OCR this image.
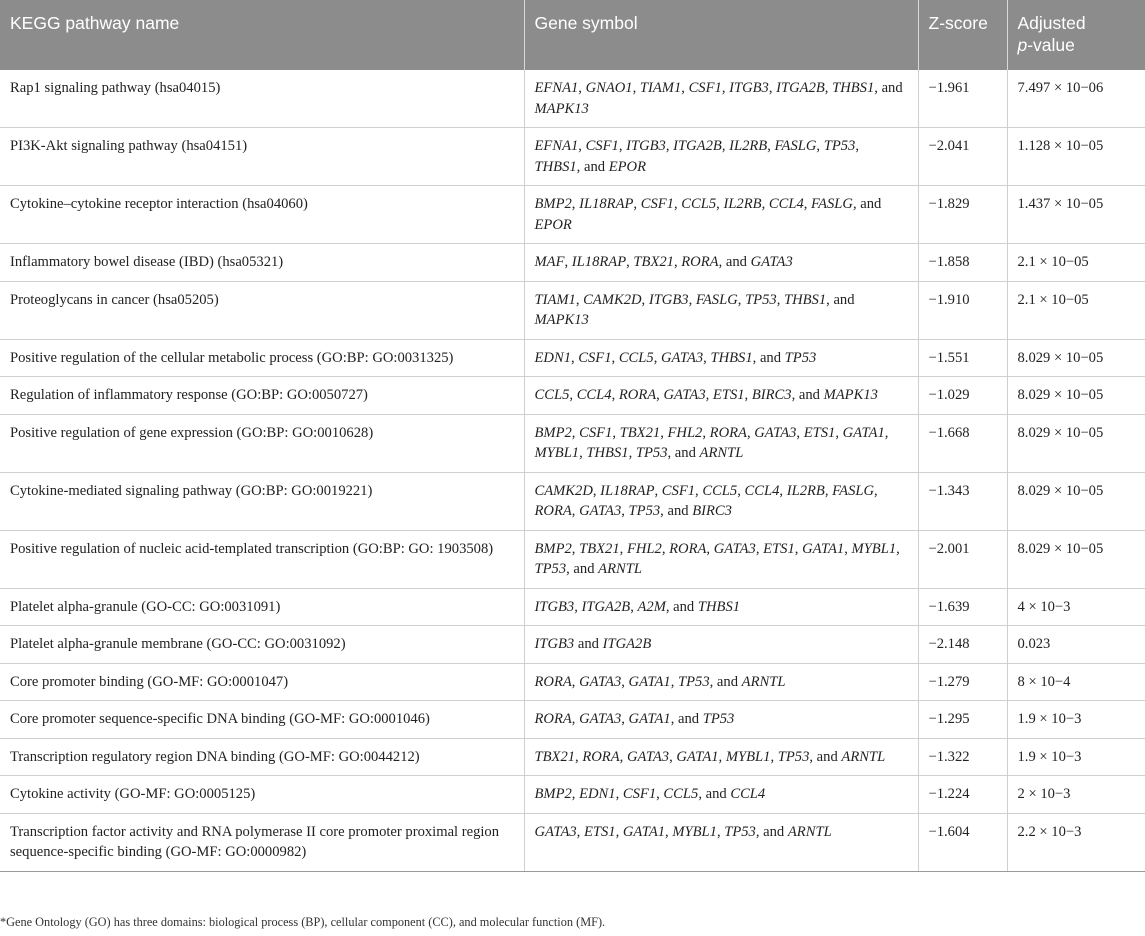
KEGG pathway name	Gene symbol	Z-score	Adjusted
p-value
Rap1 signaling pathway (hsa04015)	EFNA1, GNAO1, TIAM1, CSF1, ITGB3, ITGA2B, THBS1, and MAPK13	−1.961	7.497 × 10−06
PI3K-Akt signaling pathway (hsa04151)	EFNA1, CSF1, ITGB3, ITGA2B, IL2RB, FASLG, TP53, THBS1, and EPOR	−2.041	1.128 × 10−05
Cytokine–cytokine receptor interaction (hsa04060)	BMP2, IL18RAP, CSF1, CCL5, IL2RB, CCL4, FASLG, and EPOR	−1.829	1.437 × 10−05
Inflammatory bowel disease (IBD) (hsa05321)	MAF, IL18RAP, TBX21, RORA, and GATA3	−1.858	2.1 × 10−05
Proteoglycans in cancer (hsa05205)	TIAM1, CAMK2D, ITGB3, FASLG, TP53, THBS1, and MAPK13	−1.910	2.1 × 10−05
Positive regulation of the cellular metabolic process (GO:BP: GO:0031325)	EDN1, CSF1, CCL5, GATA3, THBS1, and TP53	−1.551	8.029 × 10−05
Regulation of inflammatory response (GO:BP: GO:0050727)	CCL5, CCL4, RORA, GATA3, ETS1, BIRC3, and MAPK13	−1.029	8.029 × 10−05
Positive regulation of gene expression (GO:BP: GO:0010628)	BMP2, CSF1, TBX21, FHL2, RORA, GATA3, ETS1, GATA1, MYBL1, THBS1, TP53, and ARNTL	−1.668	8.029 × 10−05
Cytokine-mediated signaling pathway (GO:BP: GO:0019221)	CAMK2D, IL18RAP, CSF1, CCL5, CCL4, IL2RB, FASLG, RORA, GATA3, TP53, and BIRC3	−1.343	8.029 × 10−05
Positive regulation of nucleic acid-templated transcription (GO:BP: GO: 1903508)	BMP2, TBX21, FHL2, RORA, GATA3, ETS1, GATA1, MYBL1, TP53, and ARNTL	−2.001	8.029 × 10−05
Platelet alpha-granule (GO-CC: GO:0031091)	ITGB3, ITGA2B, A2M, and THBS1	−1.639	4 × 10−3
Platelet alpha-granule membrane (GO-CC: GO:0031092)	ITGB3 and ITGA2B	−2.148	0.023
Core promoter binding (GO-MF: GO:0001047)	RORA, GATA3, GATA1, TP53, and ARNTL	−1.279	8 × 10−4
Core promoter sequence-specific DNA binding (GO-MF: GO:0001046)	RORA, GATA3, GATA1, and TP53	−1.295	1.9 × 10−3
Transcription regulatory region DNA binding (GO-MF: GO:0044212)	TBX21, RORA, GATA3, GATA1, MYBL1, TP53, and ARNTL	−1.322	1.9 × 10−3
Cytokine activity (GO-MF: GO:0005125)	BMP2, EDN1, CSF1, CCL5, and CCL4	−1.224	2 × 10−3
Transcription factor activity and RNA polymerase II core promoter proximal region sequence-specific binding (GO-MF: GO:0000982)	GATA3, ETS1, GATA1, MYBL1, TP53, and ARNTL	−1.604	2.2 × 10−3
*Gene Ontology (GO) has three domains: biological process (BP), cellular component (CC), and molecular function (MF).
